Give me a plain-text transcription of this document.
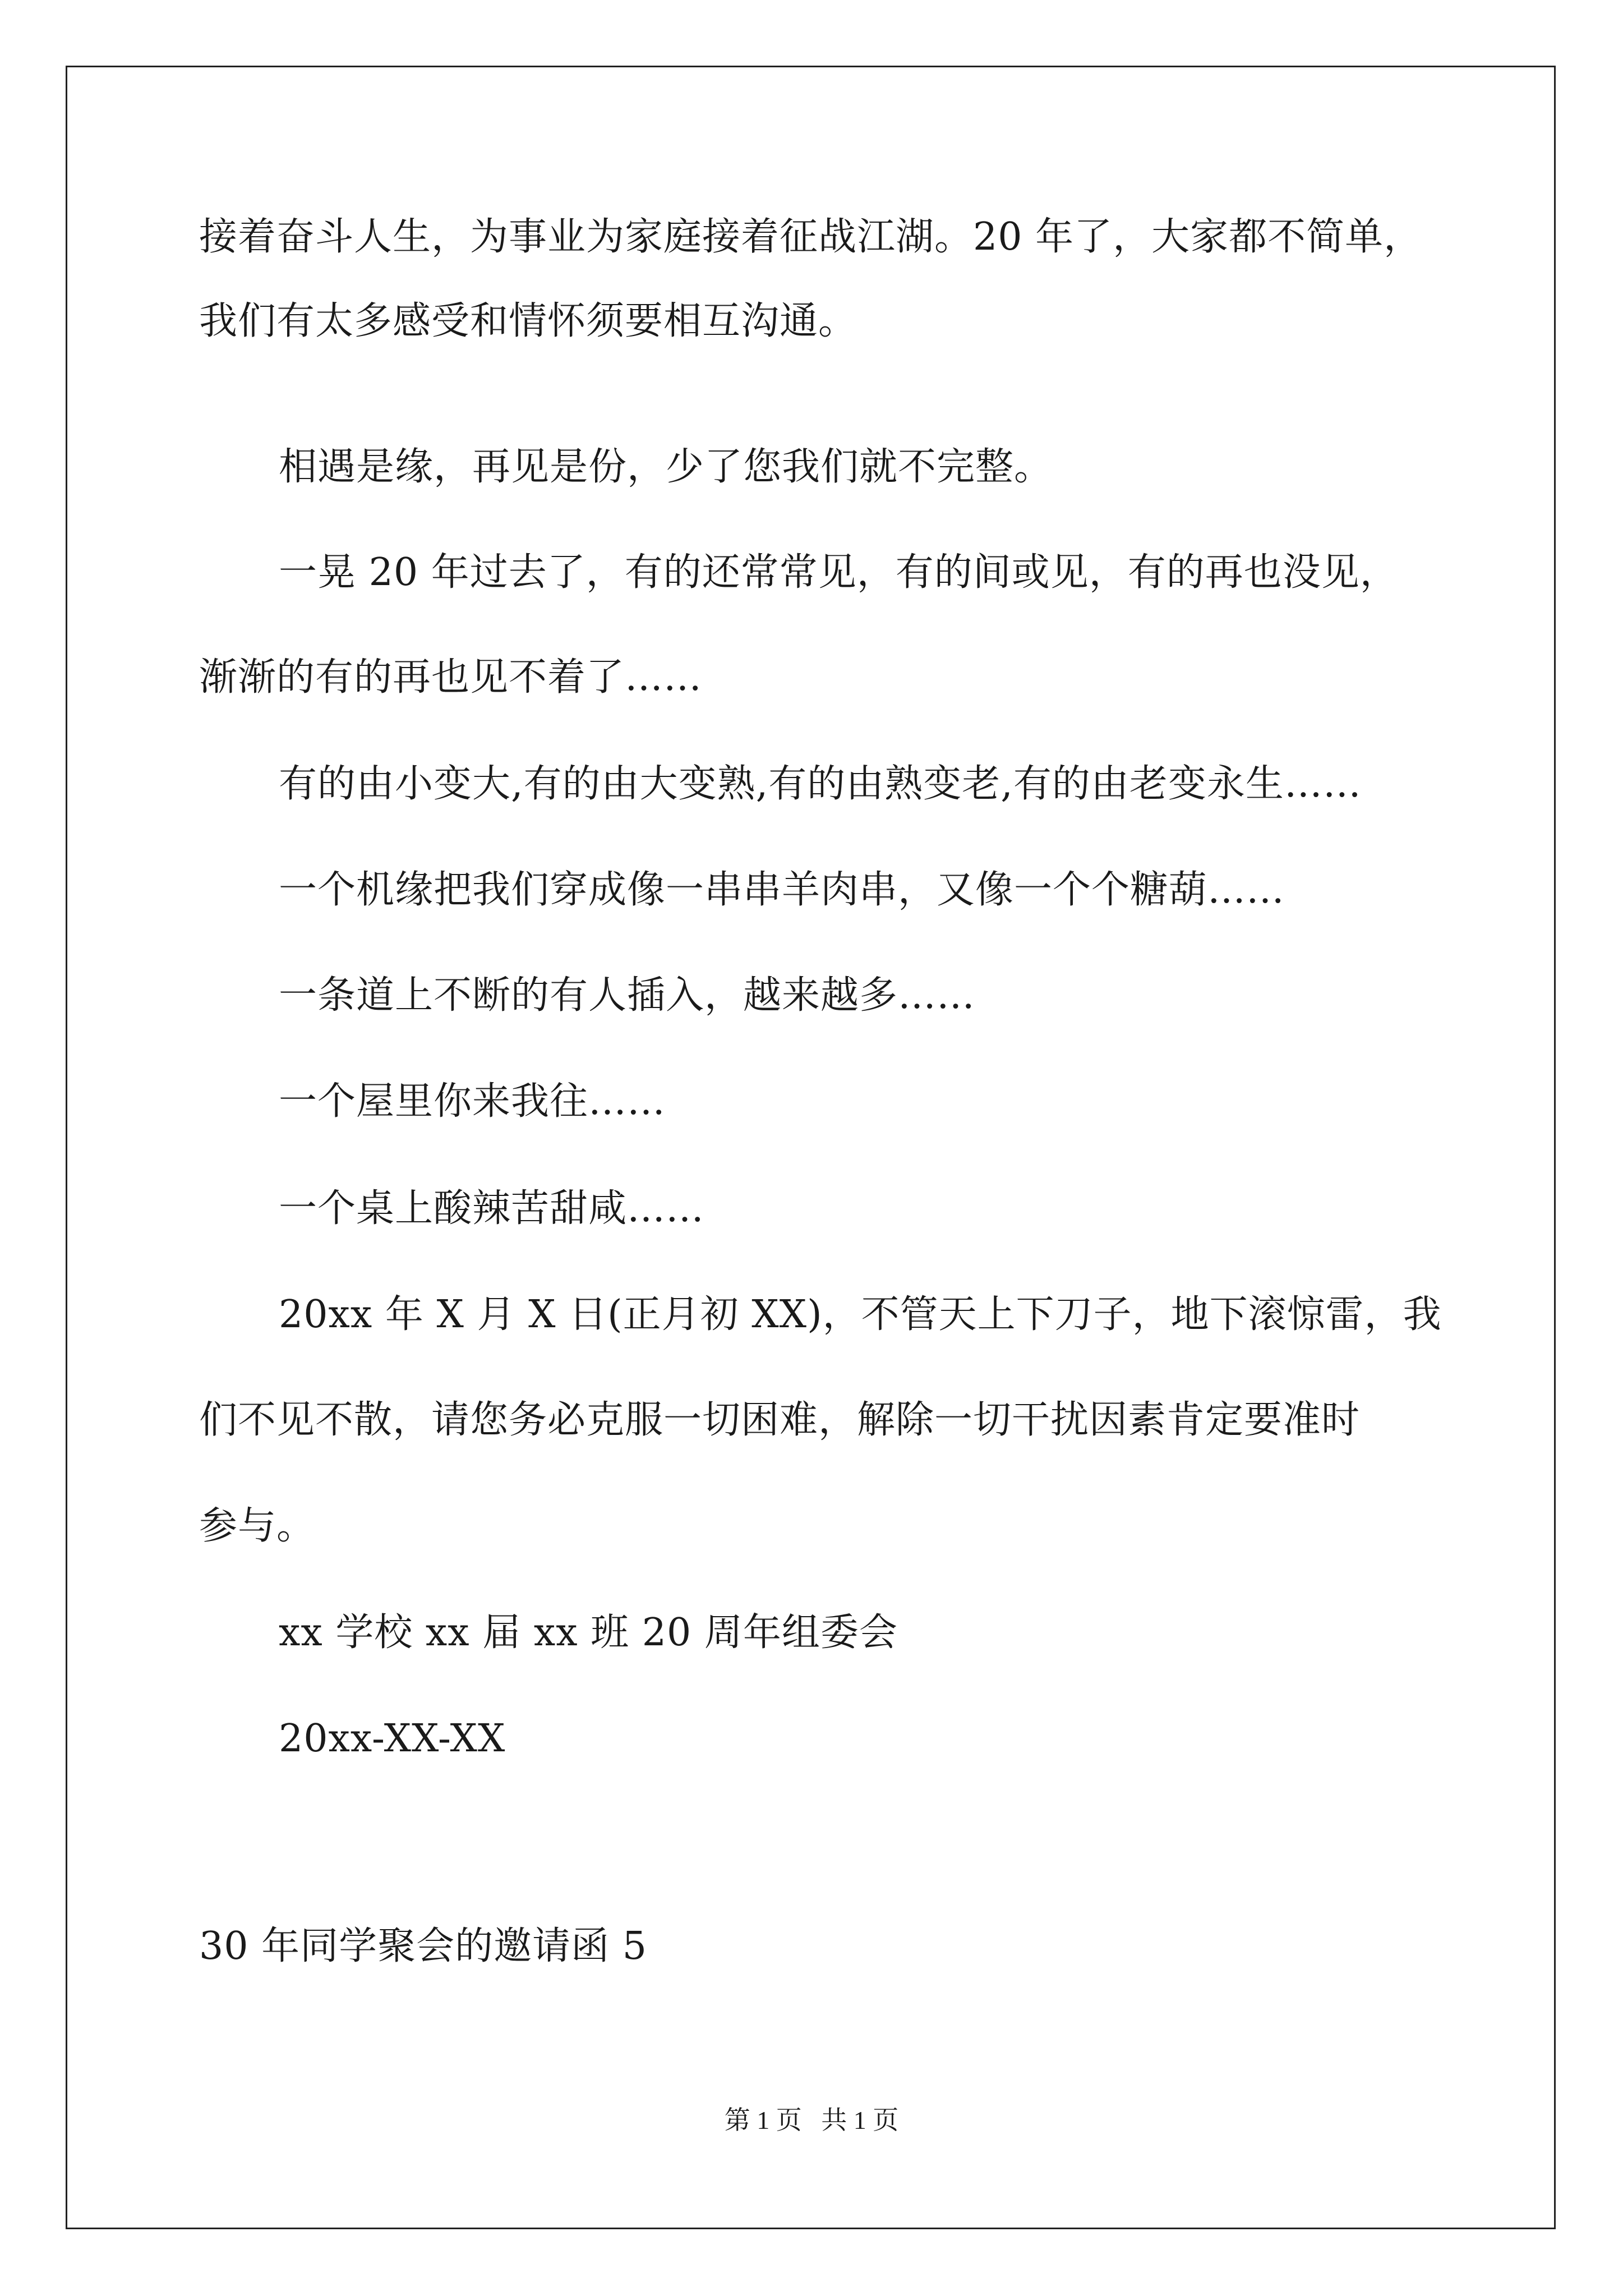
接着奋斗人生，为事业为家庭接着征战江湖。20 年了，大家都不简单，
我们有太多感受和情怀须要相互沟通。
相遇是缘，再见是份，少了您我们就不完整。
一晃 20 年过去了，有的还常常见，有的间或见，有的再也没见，
渐渐的有的再也见不着了……
有的由小变大,有的由大变熟,有的由熟变老,有的由老变永生……
一个机缘把我们穿成像一串串羊肉串，又像一个个糖葫……
一条道上不断的有人插入，越来越多……
一个屋里你来我往……
一个桌上酸辣苦甜咸……
20xx 年 X 月 X 日(正月初 XX)，不管天上下刀子，地下滚惊雷，我
们不见不散，请您务必克服一切困难，解除一切干扰因素肯定要准时
参与。
xx 学校 xx 届 xx 班 20 周年组委会
20xx-XX-XX
30 年同学聚会的邀请函 5
第 1 页   共 1 页
